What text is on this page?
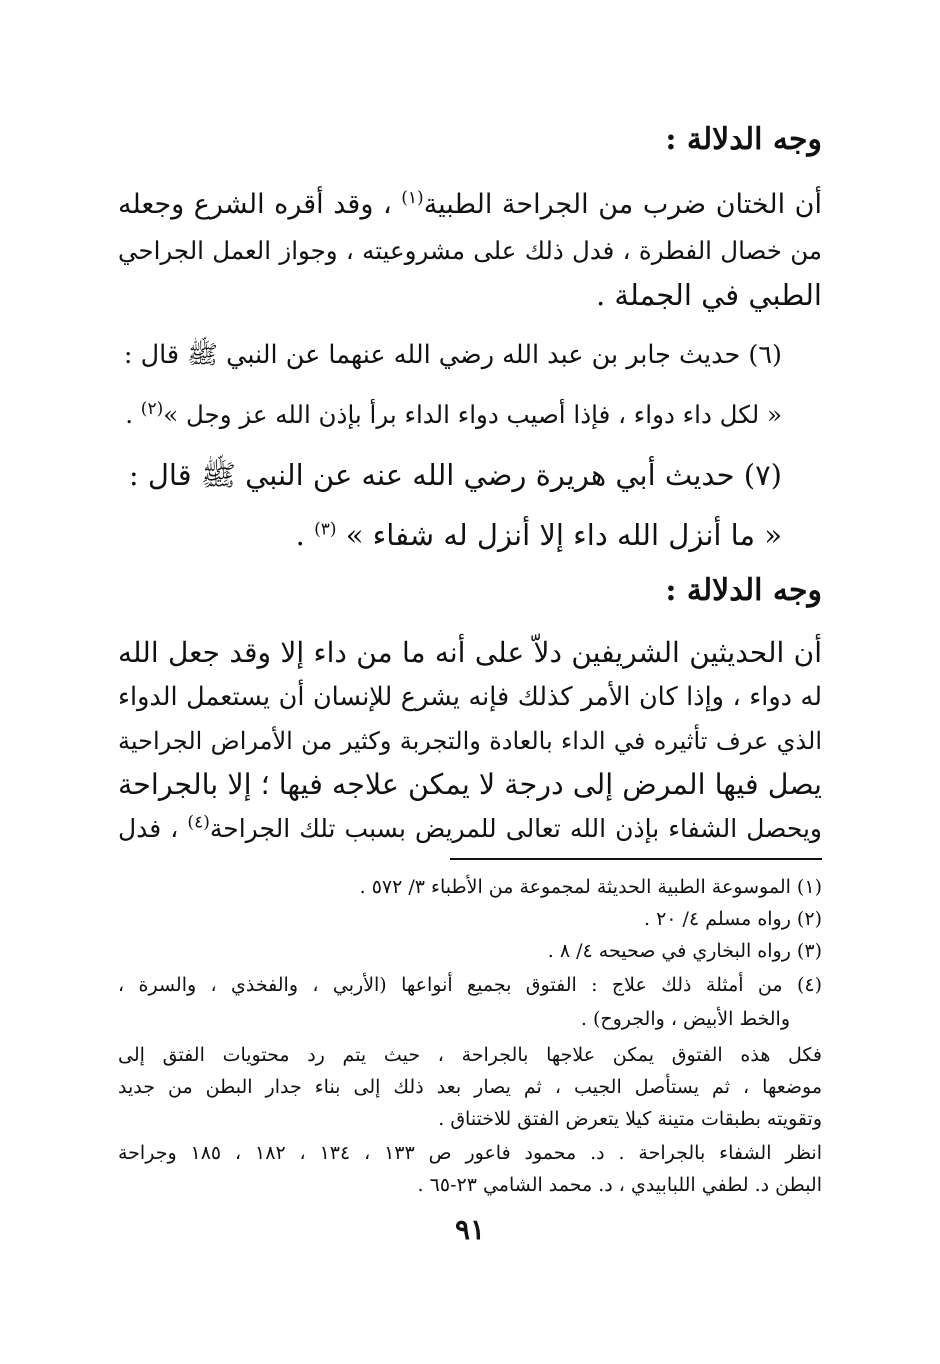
وجه الدلالة :
أن الختان ضرب من الجراحة الطبية$^{(١)}$ ، وقد أقره الشرع وجعله
من خصال الفطرة ، فدل ذلك على مشروعيته ، وجواز العمل الجراحي
الطبي في الجملة .
(٦) حديث جابر بن عبد الله رضي الله عنهما عن النبي ﷺ قال :
« لكل داء دواء ، فإذا أصيب دواء الداء برأ بإذن الله عز وجل »$^{(٢)}$ .
(٧) حديث أبي هريرة رضي الله عنه عن النبي ﷺ قال :
« ما أنزل الله داء إلا أنزل له شفاء » $^{(٣)}$ .
وجه الدلالة :
أن الحديثين الشريفين دلاّ على أنه ما من داء إلا وقد جعل الله
له دواء ، وإذا كان الأمر كذلك فإنه يشرع للإنسان أن يستعمل الدواء
الذي عرف تأثيره في الداء بالعادة والتجربة وكثير من الأمراض الجراحية
يصل فيها المرض إلى درجة لا يمكن علاجه فيها ؛ إلا بالجراحة
ويحصل الشفاء بإذن الله تعالى للمريض بسبب تلك الجراحة$^{(٤)}$ ، فدل
(١) الموسوعة الطبية الحديثة لمجموعة من الأطباء ٣/ ٥٧٢ .
(٢) رواه مسلم ٤/ ٢٠ .
(٣) رواه البخاري في صحيحه ٤/ ٨ .
(٤) من أمثلة ذلك علاج : الفتوق بجميع أنواعها (الأربي ، والفخذي ، والسرة ،
والخط الأبيض ، والجروح) .
فكل هذه الفتوق يمكن علاجها بالجراحة ، حيث يتم رد محتويات الفتق إلى
موضعها ، ثم يستأصل الجيب ، ثم يصار بعد ذلك إلى بناء جدار البطن من جديد
وتقويته بطبقات متينة كيلا يتعرض الفتق للاختناق .
انظر الشفاء بالجراحة . د. محمود فاعور ص ١٣٣ ، ١٣٤ ، ١٨٢ ، ١٨٥ وجراحة
البطن د. لطفي اللبابيدي ، د. محمد الشامي ٢٣-٦٥ .
٩١
